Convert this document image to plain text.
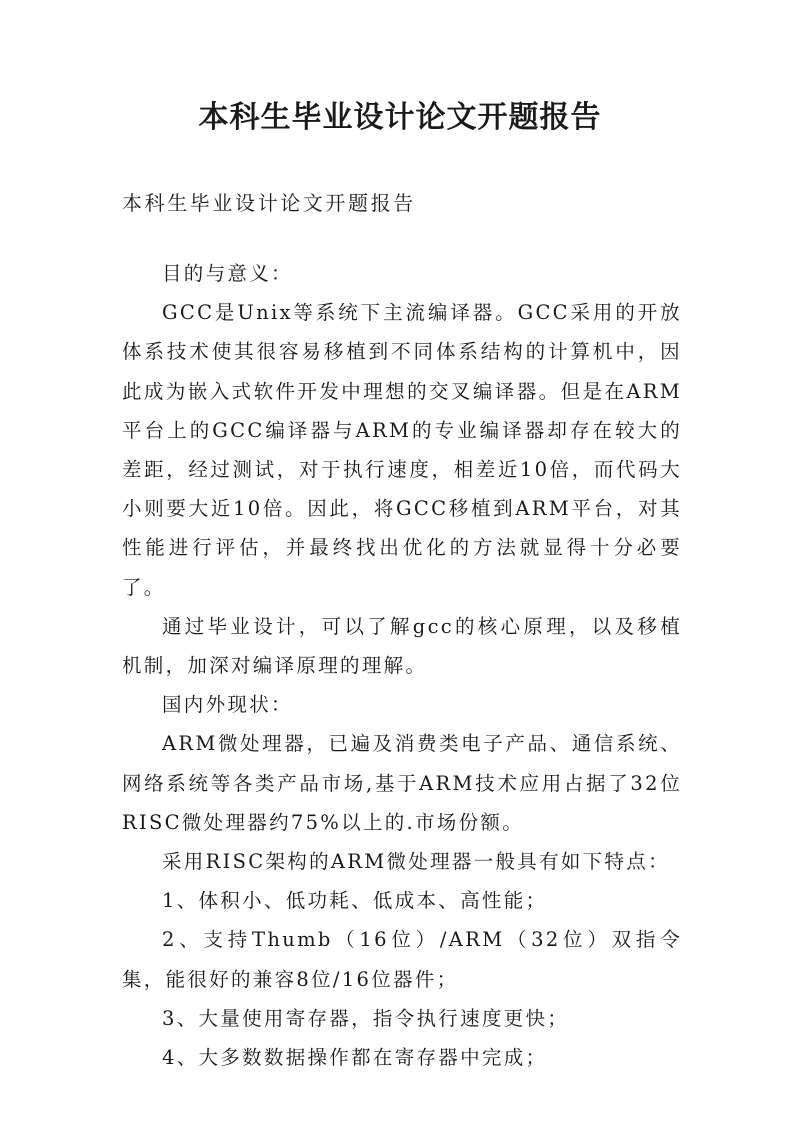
本科生毕业设计论文开题报告
本科生毕业设计论文开题报告

目的与意义：

GCC是Unix等系统下主流编译器。GCC采用的开放体系技术使其很容易移植到不同体系结构的计算机中，因此成为嵌入式软件开发中理想的交叉编译器。但是在ARM平台上的GCC编译器与ARM的专业编译器却存在较大的差距，经过测试，对于执行速度，相差近10倍，而代码大小则要大近10倍。因此，将GCC移植到ARM平台，对其性能进行评估，并最终找出优化的方法就显得十分必要了。

通过毕业设计，可以了解gcc的核心原理，以及移植机制，加深对编译原理的理解。

国内外现状：

ARM微处理器，已遍及消费类电子产品、通信系统、网络系统等各类产品市场,基于ARM技术应用占据了32位RISC微处理器约75%以上的.市场份额。

采用RISC架构的ARM微处理器一般具有如下特点：

1、体积小、低功耗、低成本、高性能；

2、支持Thumb（16位）/ARM（32位）双指令集，能很好的兼容8位/16位器件；

3、大量使用寄存器，指令执行速度更快；

4、大多数数据操作都在寄存器中完成；
